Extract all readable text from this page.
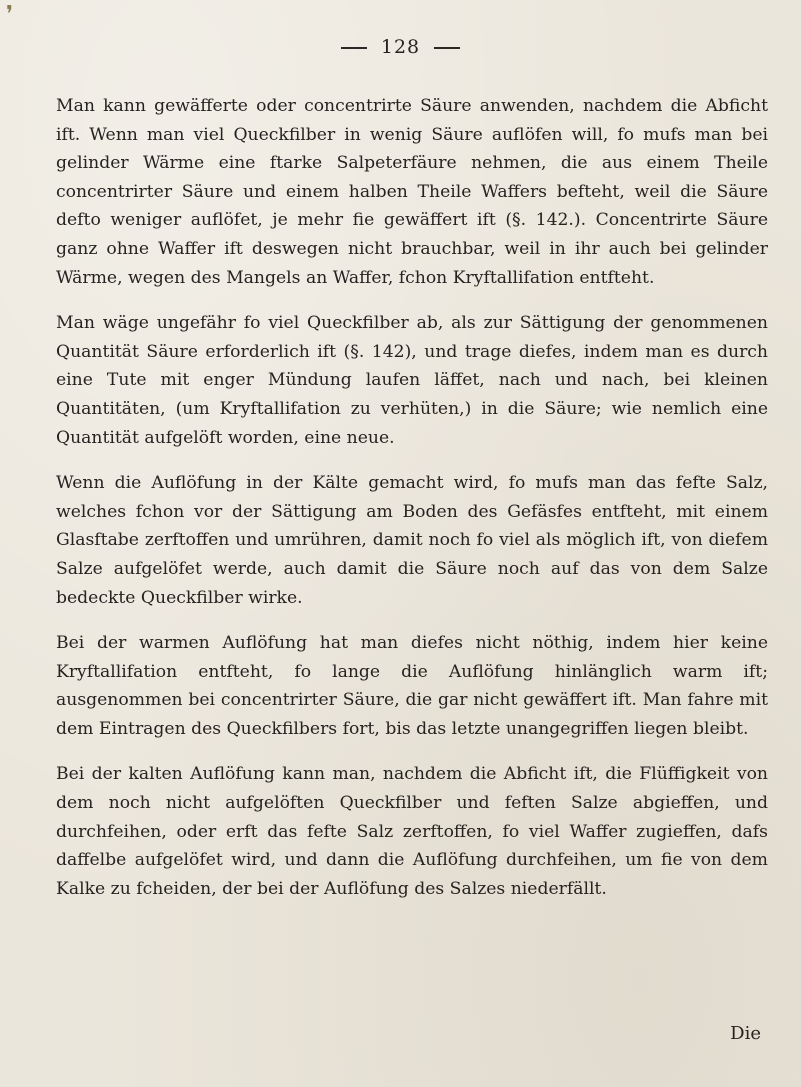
❜
128

Man kann gewäfferte oder concentrirte Säure anwenden, nachdem die Abficht ift. Wenn man viel Queckfilber in wenig Säure auflöfen will, fo mufs man bei gelinder Wärme eine ftarke Salpeterfäure nehmen, die aus einem Theile concentrirter Säure und einem halben Theile Waffers befteht, weil die Säure defto weniger auflöfet, je mehr fie gewäffert ift (§. 142.). Concentrirte Säure ganz ohne Waffer ift deswegen nicht brauchbar, weil in ihr auch bei gelinder Wärme, wegen des Mangels an Waffer, fchon Kryftallifation entfteht.

Man wäge ungefähr fo viel Queckfilber ab, als zur Sättigung der genommenen Quantität Säure erforderlich ift (§. 142), und trage diefes, indem man es durch eine Tute mit enger Mündung laufen läffet, nach und nach, bei kleinen Quantitäten, (um Kryftallifation zu verhüten,) in die Säure; wie nemlich eine Quantität aufgelöft worden, eine neue.

Wenn die Auflöfung in der Kälte gemacht wird, fo mufs man das fefte Salz, welches fchon vor der Sättigung am Boden des Gefäsfes entfteht, mit einem Glasftabe zerftoffen und umrühren, damit noch fo viel als möglich ift, von diefem Salze aufgelöfet werde, auch damit die Säure noch auf das von dem Salze bedeckte Queckfilber wirke.

Bei der warmen Auflöfung hat man diefes nicht nöthig, indem hier keine Kryftallifation entfteht, fo lange die Auflöfung hinlänglich warm ift; ausgenommen bei concentrirter Säure, die gar nicht gewäffert ift. Man fahre mit dem Eintragen des Queckfilbers fort, bis das letzte unangegriffen liegen bleibt.

Bei der kalten Auflöfung kann man, nachdem die Abficht ift, die Flüffigkeit von dem noch nicht aufgelöften Queckfilber und feften Salze abgieffen, und durchfeihen, oder erft das fefte Salz zerftoffen, fo viel Waffer zugieffen, dafs daffelbe aufgelöfet wird, und dann die Auflöfung durchfeihen, um fie von dem Kalke zu fcheiden, der bei der Auflöfung des Salzes niederfällt.

Die
